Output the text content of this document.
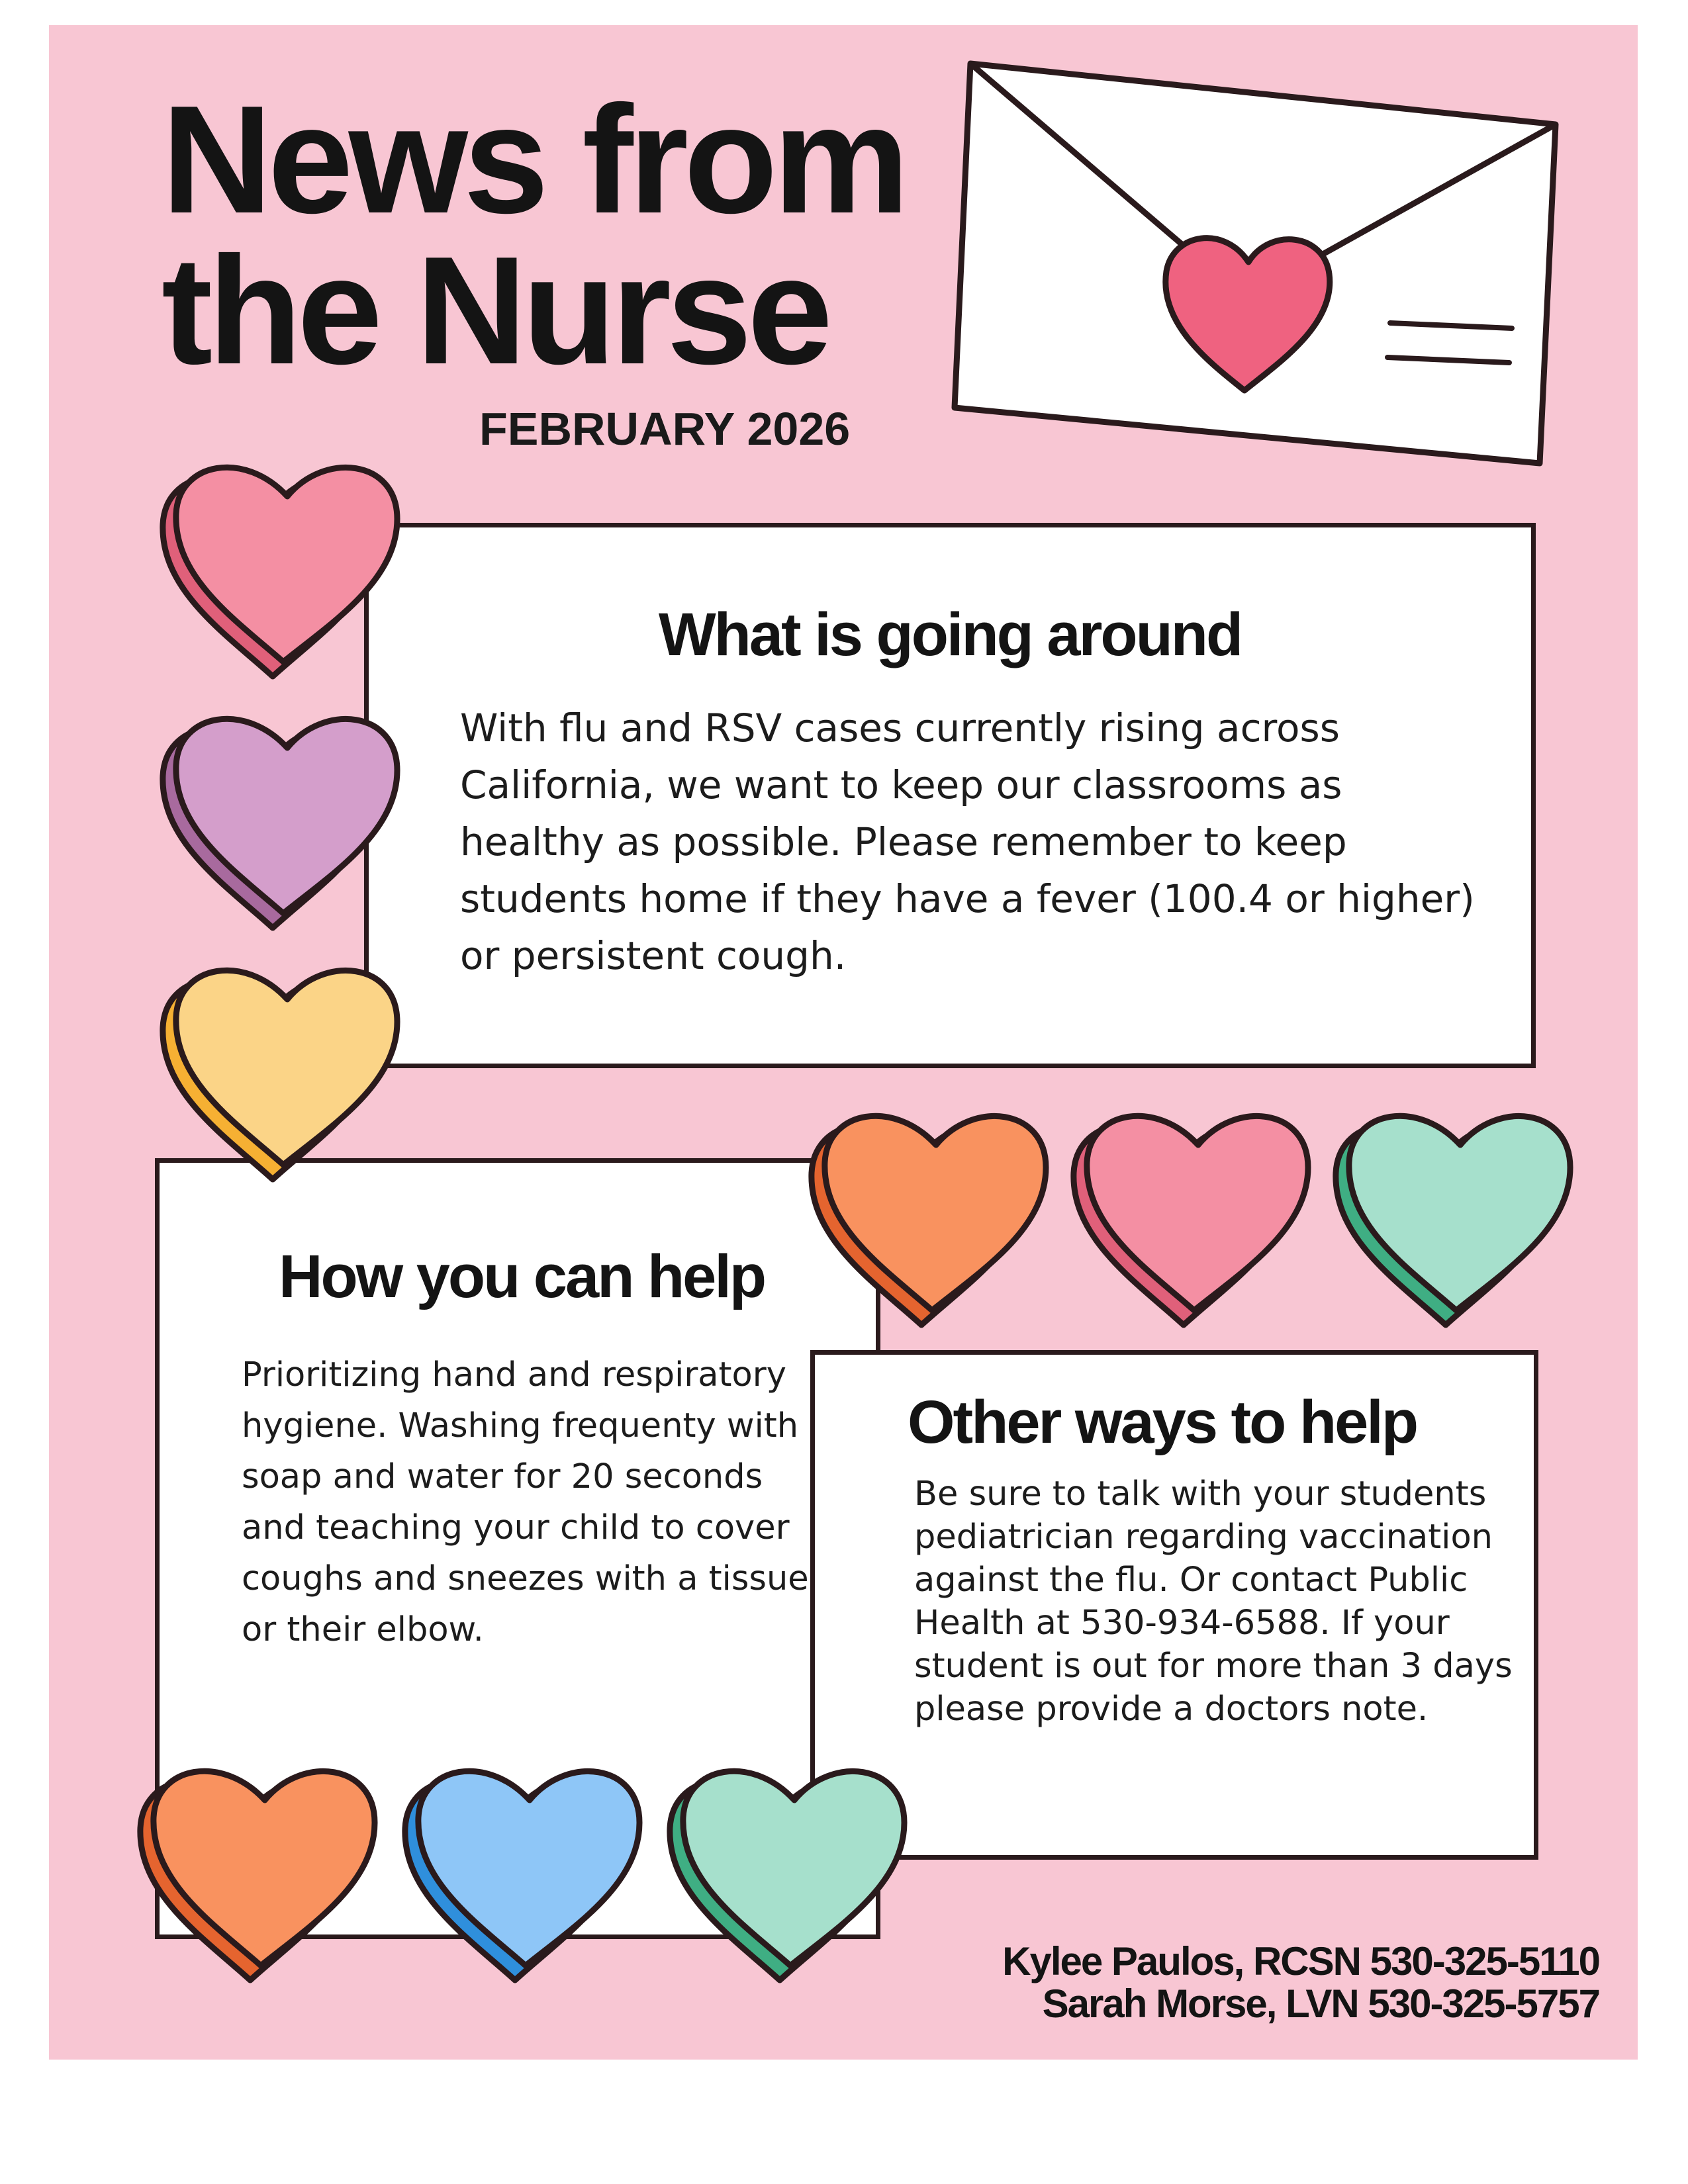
News from
the Nurse
FEBRUARY 2026
What is going around

With flu and RSV cases currently rising across California, we want to keep our classrooms as healthy as possible. Please remember to keep students home if they have a fever (100.4 or higher) or persistent cough.

How you can help

Prioritizing hand and respiratory hygiene. Washing frequenty with soap and water for 20 seconds and teaching your child to cover coughs and sneezes with a tissue or their elbow.

Other ways to help

Be sure to talk with your students pediatrician regarding vaccination against the flu. Or contact Public Health at 530-934-6588. If your student is out for more than 3 days please provide a doctors note.

Kylee Paulos, RCSN 530-325-5110
Sarah Morse, LVN 530-325-5757
